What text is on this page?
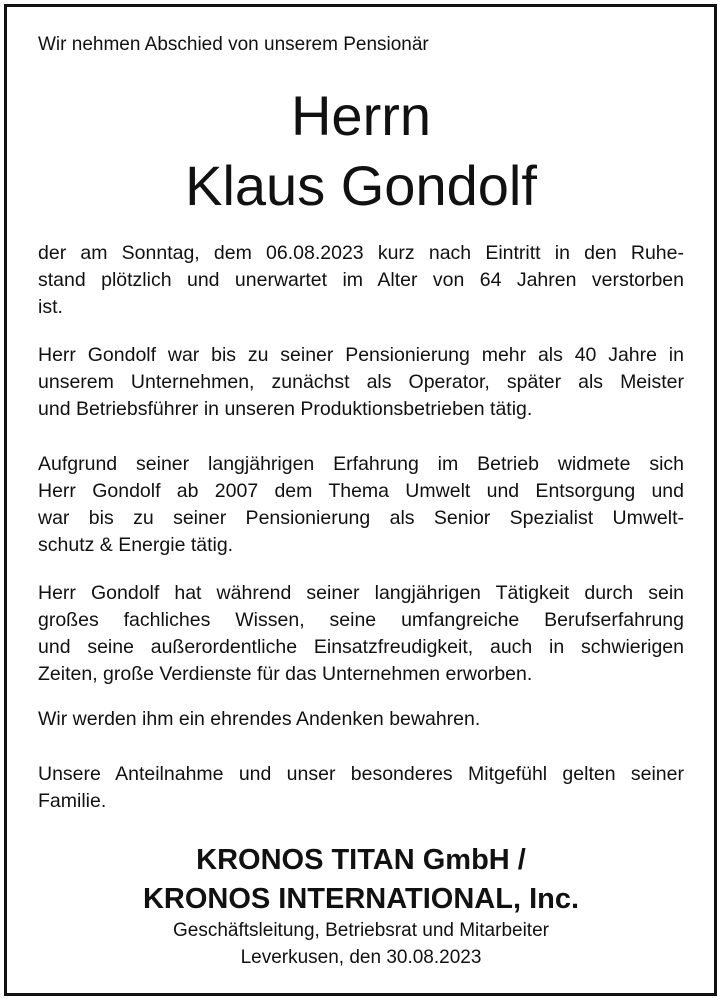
Wir nehmen Abschied von unserem Pensionär
Herrn
Klaus Gondolf

der am Sonntag, dem 06.08.2023 kurz nach Eintritt in den Ruhe-
stand plötzlich und unerwartet im Alter von 64 Jahren verstorben
ist.

Herr Gondolf war bis zu seiner Pensionierung mehr als 40 Jahre in
unserem Unternehmen, zunächst als Operator, später als Meister
und Betriebsführer in unseren Produktionsbetrieben tätig.

Aufgrund seiner langjährigen Erfahrung im Betrieb widmete sich
Herr Gondolf ab 2007 dem Thema Umwelt und Entsorgung und
war bis zu seiner Pensionierung als Senior Spezialist Umwelt-
schutz & Energie tätig.

Herr Gondolf hat während seiner langjährigen Tätigkeit durch sein
großes fachliches Wissen, seine umfangreiche Berufserfahrung
und seine außerordentliche Einsatzfreudigkeit, auch in schwierigen
Zeiten, große Verdienste für das Unternehmen erworben.

Wir werden ihm ein ehrendes Andenken bewahren.

Unsere Anteilnahme und unser besonderes Mitgefühl gelten seiner
Familie.

KRONOS TITAN GmbH /
KRONOS INTERNATIONAL, Inc.
Geschäftsleitung, Betriebsrat und Mitarbeiter
Leverkusen, den 30.08.2023
